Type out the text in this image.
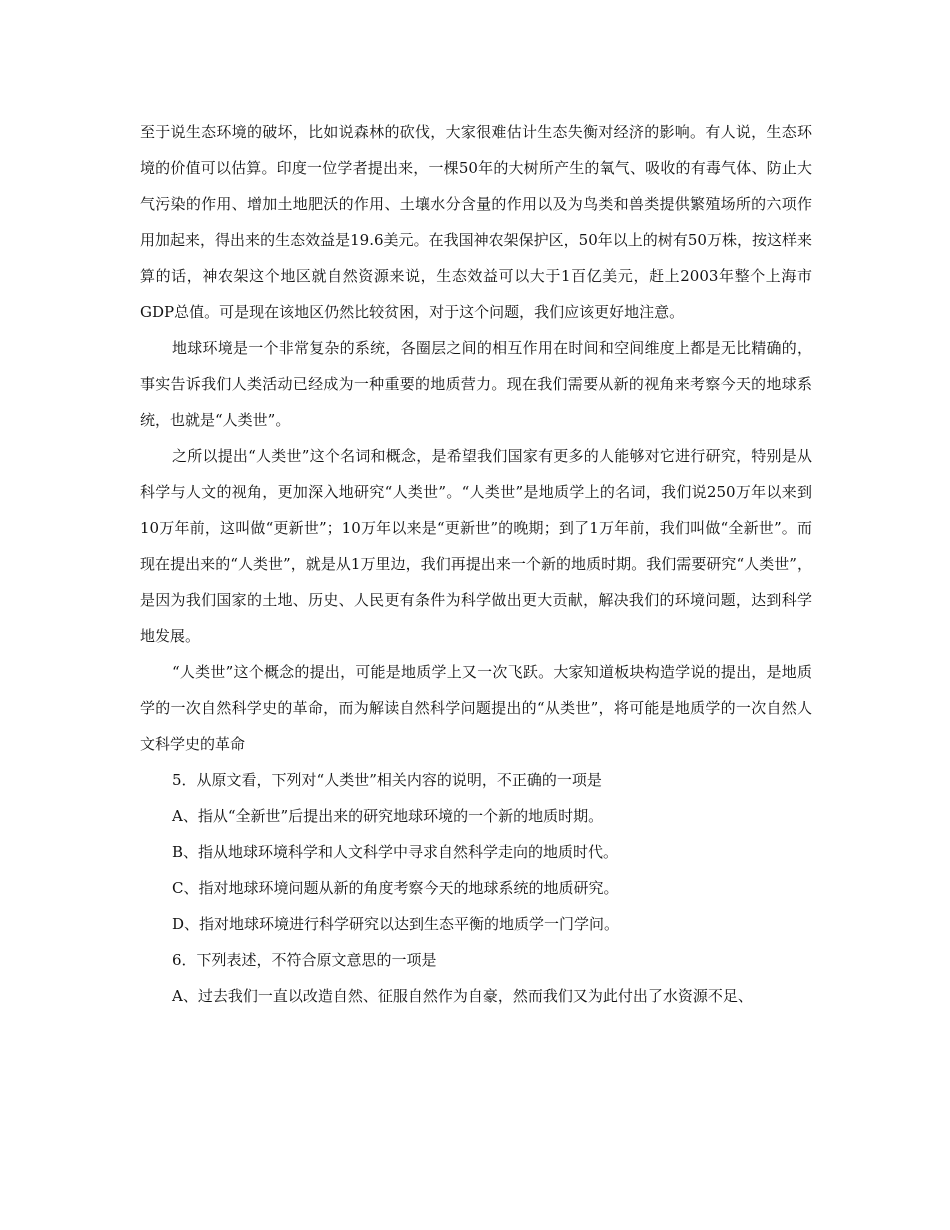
至于说生态环境的破坏，比如说森林的砍伐，大家很难估计生态失衡对经济的影响。有人说，生态环境的价值可以估算。印度一位学者提出来，一棵50年的大树所产生的氧气、吸收的有毒气体、防止大气污染的作用、增加土地肥沃的作用、土壤水分含量的作用以及为鸟类和兽类提供繁殖场所的六项作用加起来，得出来的生态效益是19.6美元。在我国神农架保护区，50年以上的树有50万株，按这样来算的话，神农架这个地区就自然资源来说，生态效益可以大于1百亿美元，赶上2003年整个上海市GDP总值。可是现在该地区仍然比较贫困，对于这个问题，我们应该更好地注意。

地球环境是一个非常复杂的系统，各圈层之间的相互作用在时间和空间维度上都是无比精确的，事实告诉我们人类活动已经成为一种重要的地质营力。现在我们需要从新的视角来考察今天的地球系统，也就是“人类世”。

之所以提出“人类世”这个名词和概念，是希望我们国家有更多的人能够对它进行研究，特别是从科学与人文的视角，更加深入地研究“人类世”。“人类世”是地质学上的名词，我们说250万年以来到10万年前，这叫做“更新世”；10万年以来是“更新世”的晚期；到了1万年前，我们叫做“全新世”。而现在提出来的“人类世”，就是从1万里边，我们再提出来一个新的地质时期。我们需要研究“人类世”，是因为我们国家的土地、历史、人民更有条件为科学做出更大贡献，解决我们的环境问题，达到科学地发展。

“人类世”这个概念的提出，可能是地质学上又一次飞跃。大家知道板块构造学说的提出，是地质学的一次自然科学史的革命，而为解读自然科学问题提出的“从类世”，将可能是地质学的一次自然人文科学史的革命

5．从原文看，下列对“人类世”相关内容的说明，不正确的一项是

A、指从“全新世”后提出来的研究地球环境的一个新的地质时期。

B、指从地球环境科学和人文科学中寻求自然科学走向的地质时代。

C、指对地球环境问题从新的角度考察今天的地球系统的地质研究。

D、指对地球环境进行科学研究以达到生态平衡的地质学一门学问。

6．下列表述，不符合原文意思的一项是

A、过去我们一直以改造自然、征服自然作为自豪，然而我们又为此付出了水资源不足、
